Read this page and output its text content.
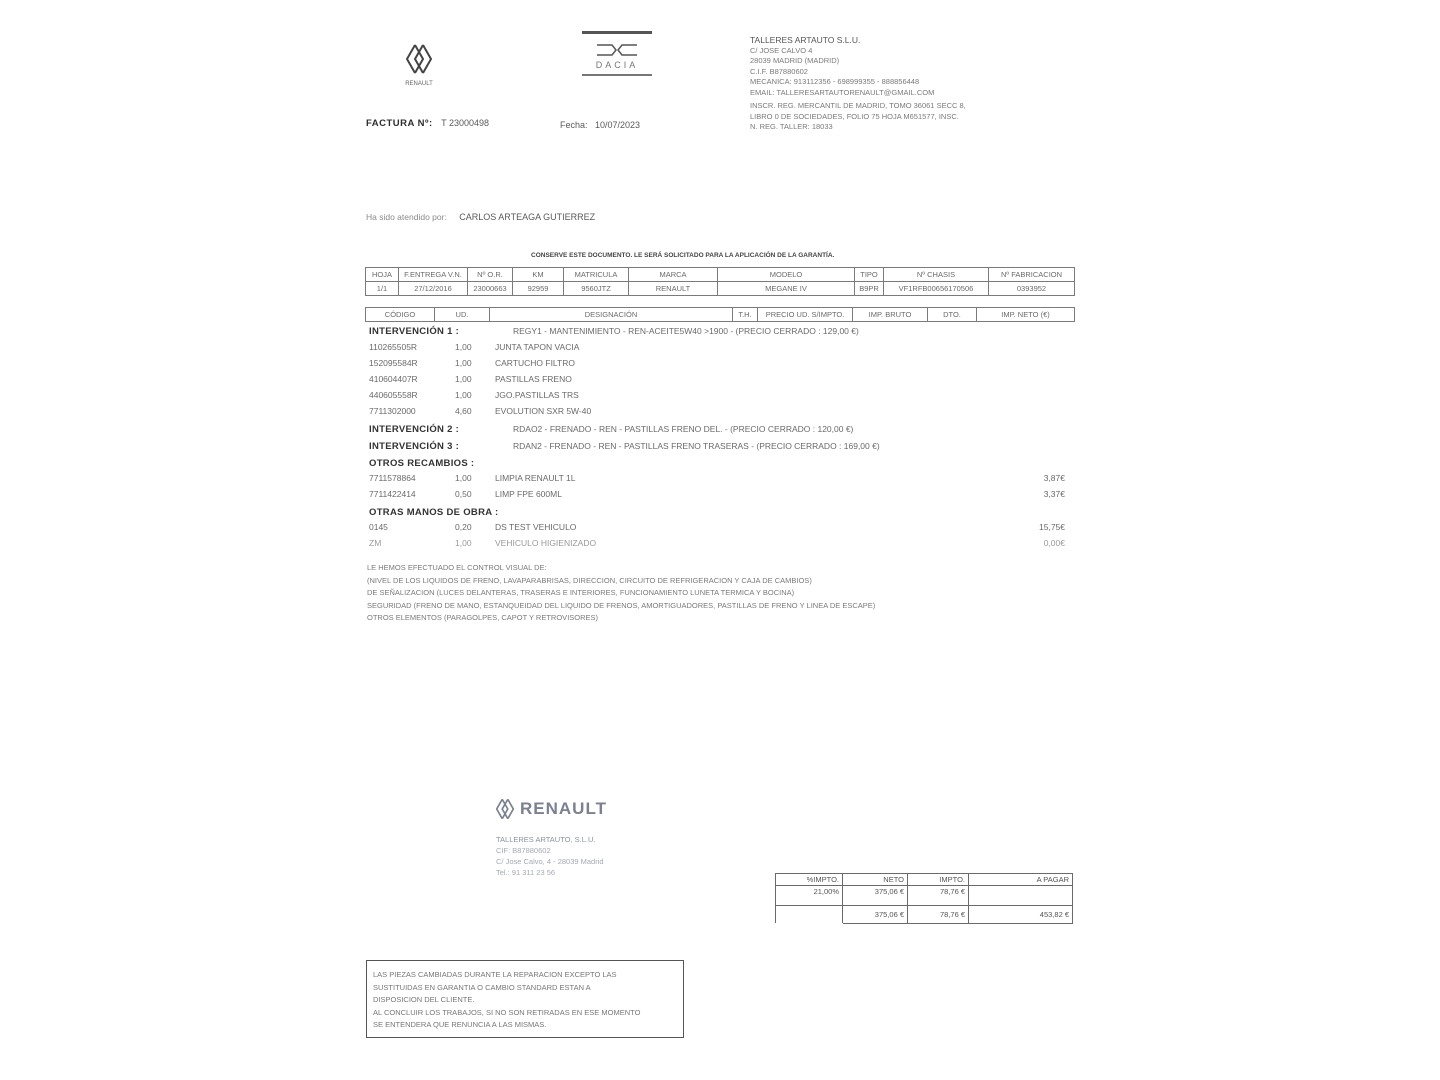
RENAULT
DACIA
TALLERES ARTAUTO S.L.U.
C/ JOSE CALVO 4
28039 MADRID (MADRID)
C.I.F. B87880602
MECANICA: 913112356 - 698999355 - 888856448
EMAIL: TALLERESARTAUTORENAULT@GMAIL.COM
INSCR. REG. MERCANTIL DE MADRID, TOMO 36061 SECC 8,
LIBRO 0 DE SOCIEDADES, FOLIO 75 HOJA M651577, INSC.
N. REG. TALLER: 18033
FACTURA Nº: T 23000498	Fecha: 10/07/2023
Ha sido atendido por: CARLOS ARTEAGA GUTIERREZ
CONSERVE ESTE DOCUMENTO. LE SERÁ SOLICITADO PARA LA APLICACIÓN DE LA GARANTÍA.
HOJA	F.ENTREGA V.N.	Nº O.R.	KM	MATRICULA	MARCA	MODELO	TIPO	Nº CHASIS	Nº FABRICACION
1/1	27/12/2016	23000663	92959	9560JTZ	RENAULT	MEGANE IV	B9PR	VF1RFB00656170506	0393952
CÓDIGO	UD.	DESIGNACIÓN	T.H.	PRECIO UD. S/IMPTO.	IMP. BRUTO	DTO.	IMP. NETO (€)
INTERVENCIÓN 1 :	REGY1 - MANTENIMIENTO - REN-ACEITE5W40 >1900 - (PRECIO CERRADO : 129,00 €)
110265505R	1,00	JUNTA TAPON VACIA
152095584R	1,00	CARTUCHO FILTRO
410604407R	1,00	PASTILLAS FRENO
440605558R	1,00	JGO.PASTILLAS TRS
7711302000	4,60	EVOLUTION SXR 5W-40
INTERVENCIÓN 2 :	RDAO2 - FRENADO - REN - PASTILLAS FRENO DEL. - (PRECIO CERRADO : 120,00 €)
INTERVENCIÓN 3 :	RDAN2 - FRENADO - REN - PASTILLAS FRENO TRASERAS - (PRECIO CERRADO : 169,00 €)
OTROS RECAMBIOS :
7711578864	1,00	LIMPIA RENAULT 1L	3,87€
7711422414	0,50	LIMP FPE 600ML	3,37€
OTRAS MANOS DE OBRA :
0145	0,20	DS TEST VEHICULO	15,75€
ZM	1,00	VEHICULO HIGIENIZADO	0,00€
LE HEMOS EFECTUADO EL CONTROL VISUAL DE:
(NIVEL DE LOS LIQUIDOS DE FRENO, LAVAPARABRISAS, DIRECCION, CIRCUITO DE REFRIGERACION Y CAJA DE CAMBIOS)
DE SEÑALIZACION (LUCES DELANTERAS, TRASERAS E INTERIORES, FUNCIONAMIENTO LUNETA TERMICA Y BOCINA)
SEGURIDAD (FRENO DE MANO, ESTANQUEIDAD DEL LIQUIDO DE FRENOS, AMORTIGUADORES, PASTILLAS DE FRENO Y LINEA DE ESCAPE)
OTROS ELEMENTOS (PARAGOLPES, CAPOT Y RETROVISORES)
RENAULT
TALLERES ARTAUTO, S.L.U.
CIF: B87880602
C/ Jose Calvo, 4 - 28039 Madrid
Tel.: 91 311 23 56
%IMPTO.	NETO	IMPTO.	A PAGAR
21,00%	375,06 €	78,76 €	
	375,06 €	78,76 €	453,82 €
LAS PIEZAS CAMBIADAS DURANTE LA REPARACION EXCEPTO LAS
SUSTITUIDAS EN GARANTIA O CAMBIO STANDARD ESTAN A
DISPOSICION DEL CLIENTE.
AL CONCLUIR LOS TRABAJOS, SI NO SON RETIRADAS EN ESE MOMENTO
SE ENTENDERA QUE RENUNCIA A LAS MISMAS.
